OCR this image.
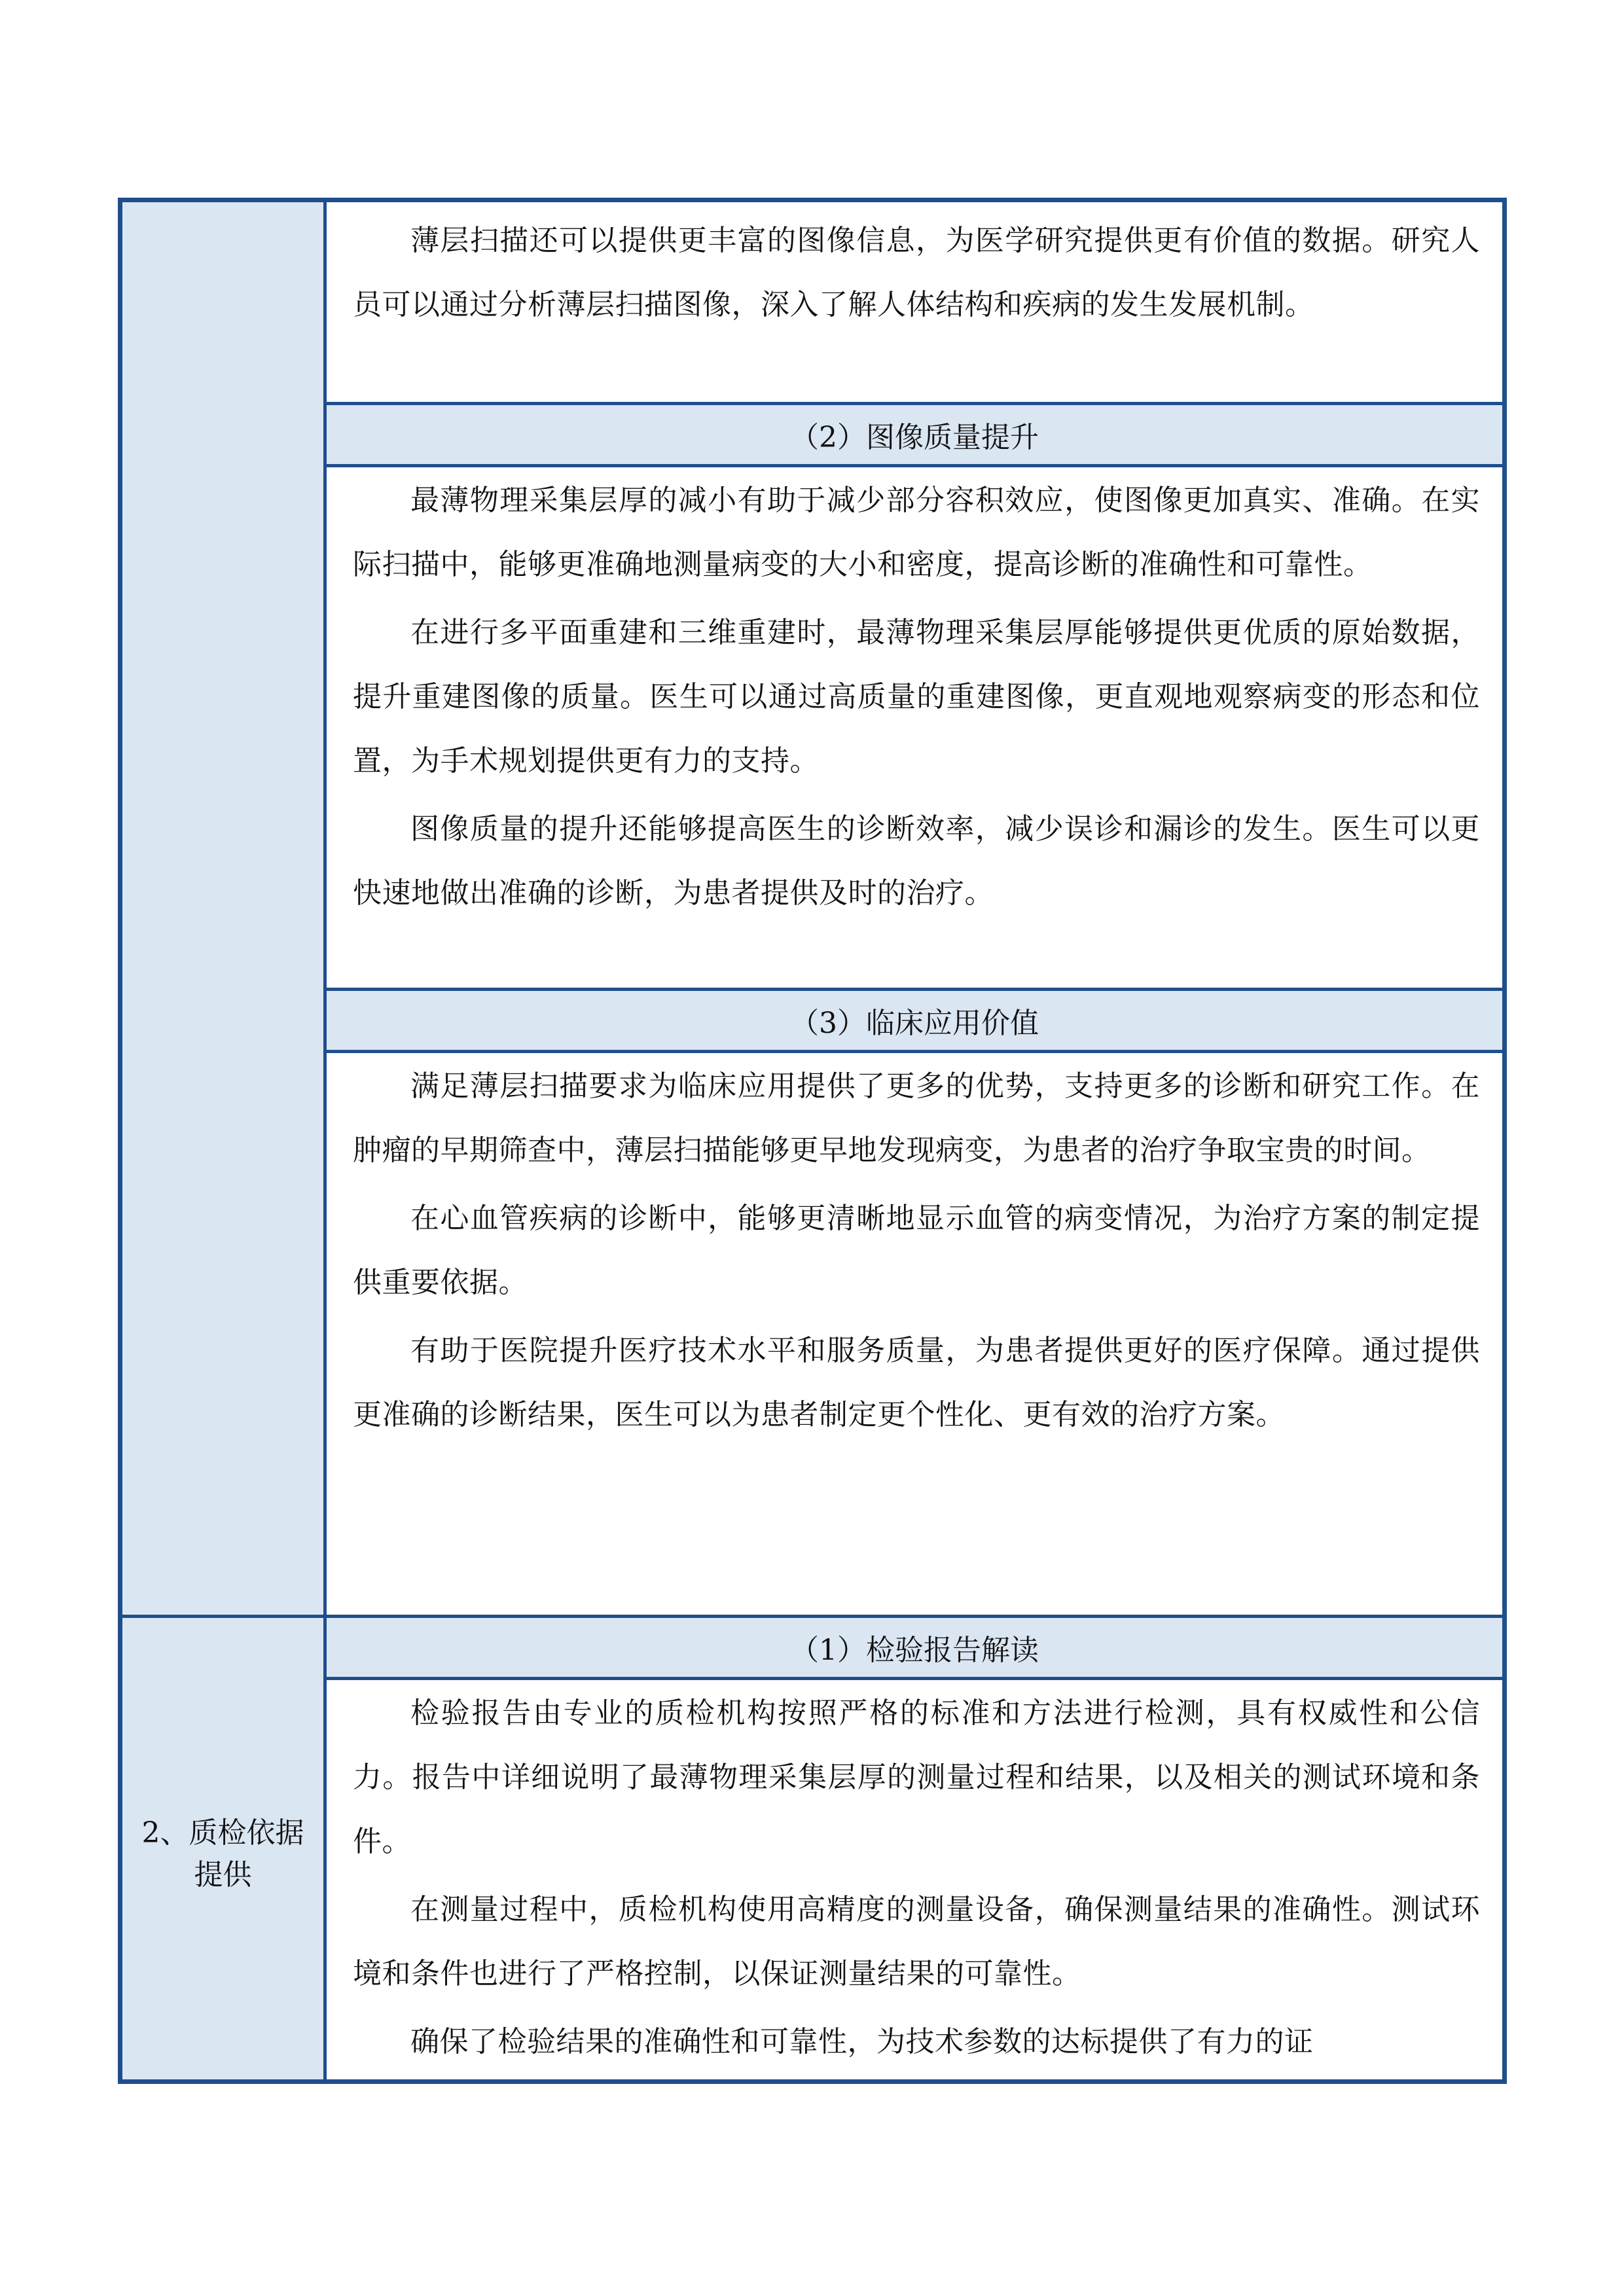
2、质检依据提供

薄层扫描还可以提供更丰富的图像信息，为医学研究提供更有价值的数据。研究人员可以通过分析薄层扫描图像，深入了解人体结构和疾病的发生发展机制。

（2）图像质量提升

最薄物理采集层厚的减小有助于减少部分容积效应，使图像更加真实、准确。在实际扫描中，能够更准确地测量病变的大小和密度，提高诊断的准确性和可靠性。

在进行多平面重建和三维重建时，最薄物理采集层厚能够提供更优质的原始数据，提升重建图像的质量。医生可以通过高质量的重建图像，更直观地观察病变的形态和位置，为手术规划提供更有力的支持。

图像质量的提升还能够提高医生的诊断效率，减少误诊和漏诊的发生。医生可以更快速地做出准确的诊断，为患者提供及时的治疗。

（3）临床应用价值

满足薄层扫描要求为临床应用提供了更多的优势，支持更多的诊断和研究工作。在肿瘤的早期筛查中，薄层扫描能够更早地发现病变，为患者的治疗争取宝贵的时间。

在心血管疾病的诊断中，能够更清晰地显示血管的病变情况，为治疗方案的制定提供重要依据。

有助于医院提升医疗技术水平和服务质量，为患者提供更好的医疗保障。通过提供更准确的诊断结果，医生可以为患者制定更个性化、更有效的治疗方案。

（1）检验报告解读

检验报告由专业的质检机构按照严格的标准和方法进行检测，具有权威性和公信力。报告中详细说明了最薄物理采集层厚的测量过程和结果，以及相关的测试环境和条件。

在测量过程中，质检机构使用高精度的测量设备，确保测量结果的准确性。测试环境和条件也进行了严格控制，以保证测量结果的可靠性。

确保了检验结果的准确性和可靠性，为技术参数的达标提供了有力的证
